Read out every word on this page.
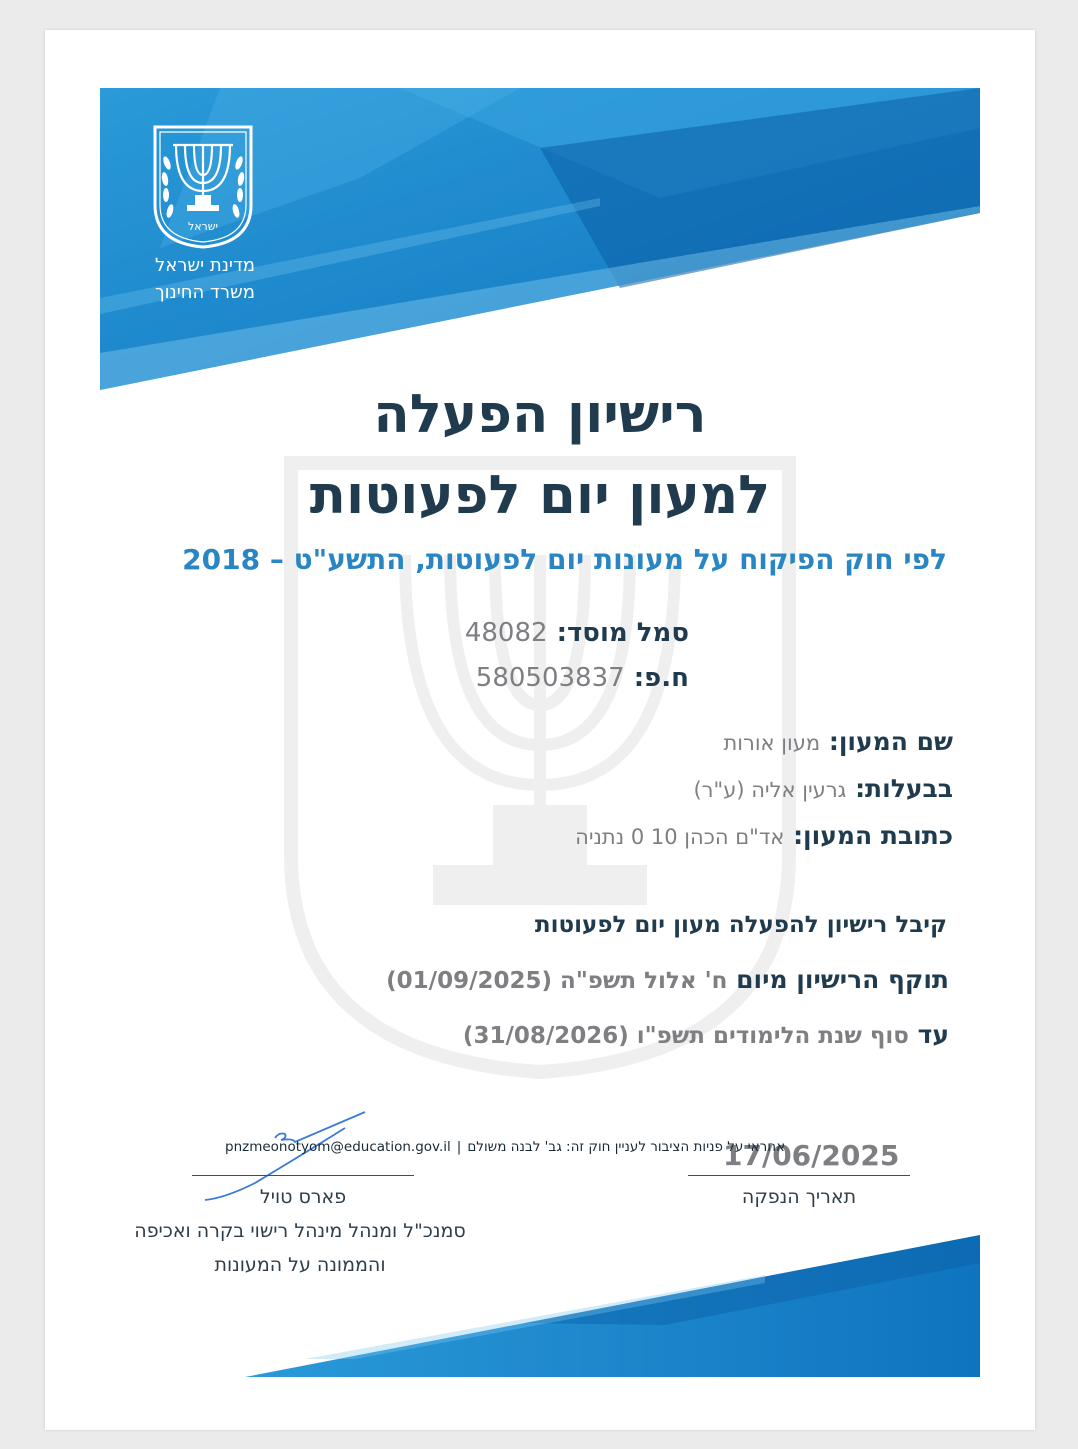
ישראל
מדינת ישראל
משרד החינוך
רישיון הפעלה
למעון יום לפעוטות
לפי חוק הפיקוח על מעונות יום לפעוטות, התשע"ט – 2018
סמל מוסד: 48082
ח.פ: 580503837
שם המעון: מעון אורות
בבעלות: גרעין אליה (ע"ר)
כתובת המעון: אד"ם הכהן 10 0 נתניה
קיבל רישיון להפעלה מעון יום לפעוטות
תוקף הרישיון מיום ח' אלול תשפ"ה (01/09/2025)
עד סוף שנת הלימודים תשפ"ו (31/08/2026)
פארס טויל
סמנכ"ל ומנהל מינהל רישוי בקרה ואכיפה
והממונה על המעונות
17/06/2025
תאריך הנפקה
pnzmeonotyom@education.gov.il | אחראי על פניות הציבור לעניין חוק זה: גב' לבנה משולם
